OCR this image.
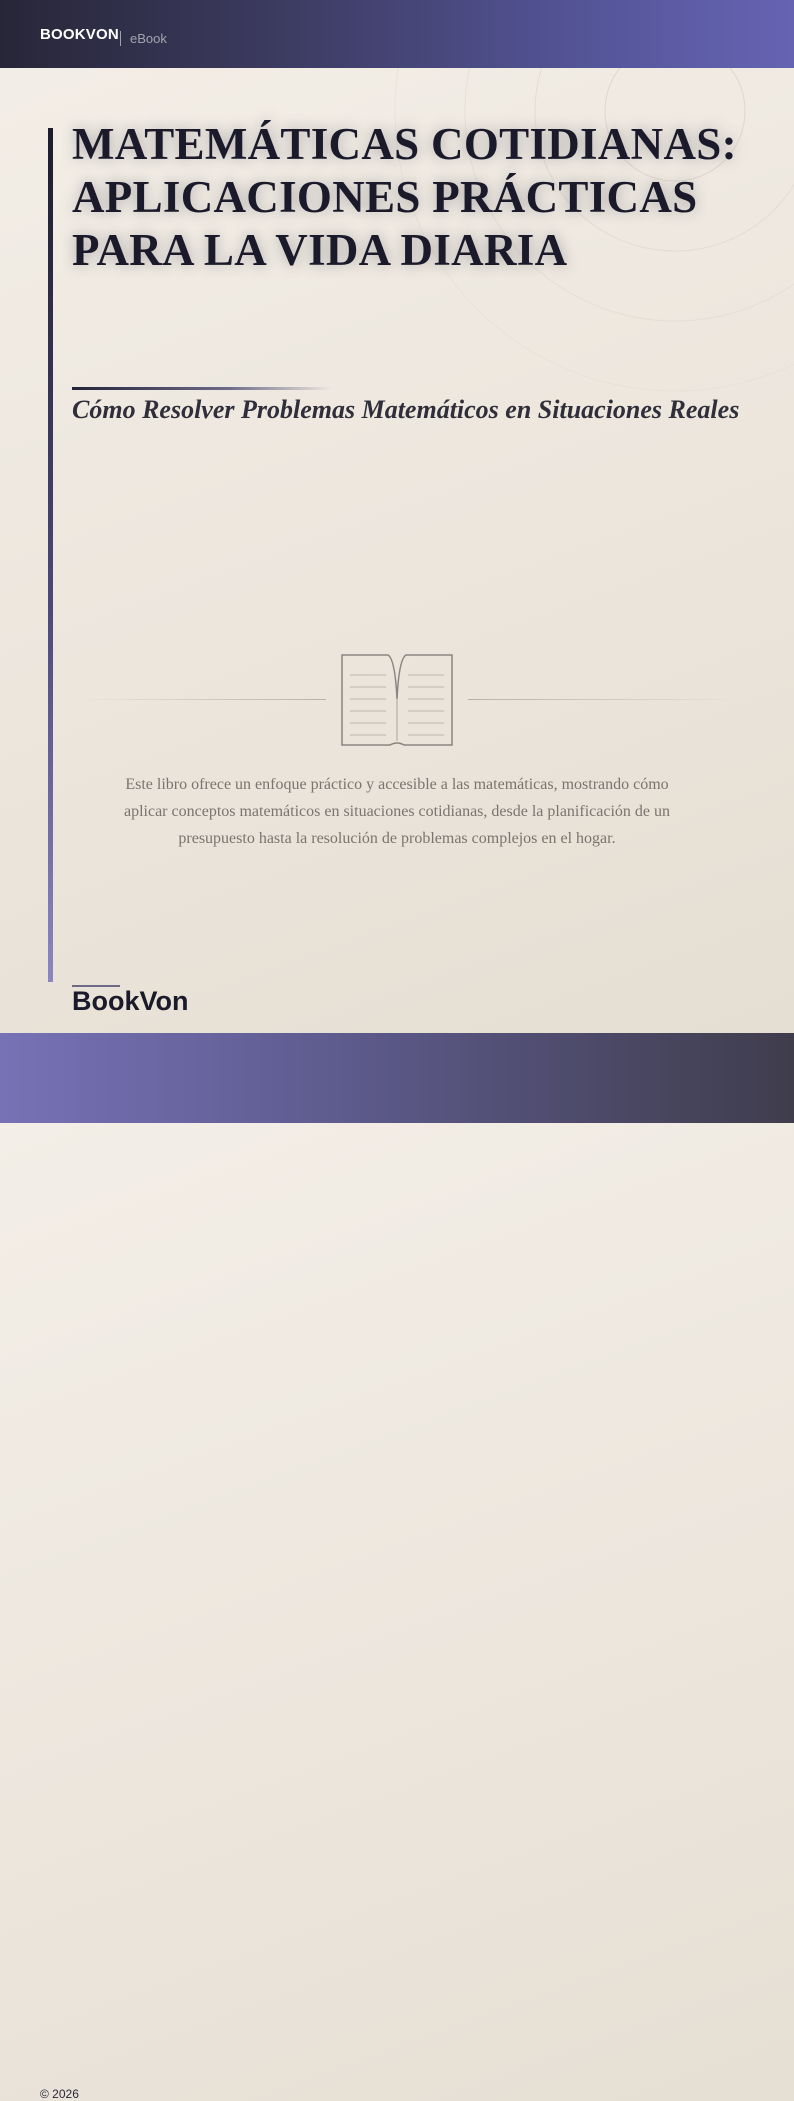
BOOKVON eBook
MATEMÁTICAS COTIDIANAS: APLICACIONES PRÁCTICAS PARA LA VIDA DIARIA
Cómo Resolver Problemas Matemáticos en Situaciones Reales

Este libro ofrece un enfoque práctico y accesible a las matemáticas, mostrando cómo aplicar conceptos matemáticos en situaciones cotidianas, desde la planificación de un presupuesto hasta la resolución de problemas complejos en el hogar.

BookVon
© 2026
